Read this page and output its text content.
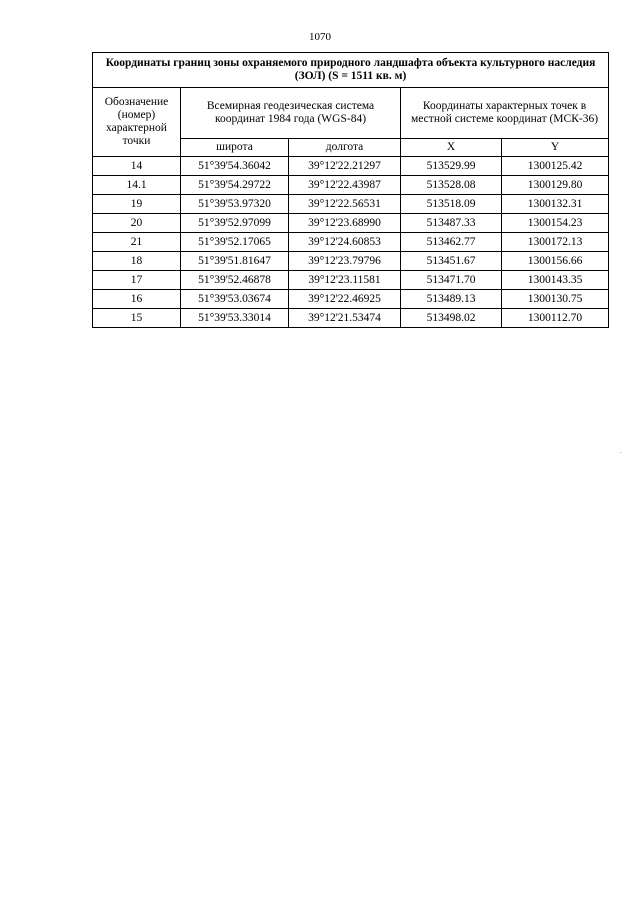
1070
Координаты границ зоны охраняемого природного ландшафта объекта культурного наследия (ЗОЛ) (S = 1511 кв. м)				
Обозначение (номер) характерной точки	Всемирная геодезическая система координат 1984 года (WGS-84)		Координаты характерных точек в местной системе координат (МСК-36)	
	широта	долгота	X	Y
14	51°39'54.36042	39°12'22.21297	513529.99	1300125.42
14.1	51°39'54.29722	39°12'22.43987	513528.08	1300129.80
19	51°39'53.97320	39°12'22.56531	513518.09	1300132.31
20	51°39'52.97099	39°12'23.68990	513487.33	1300154.23
21	51°39'52.17065	39°12'24.60853	513462.77	1300172.13
18	51°39'51.81647	39°12'23.79796	513451.67	1300156.66
17	51°39'52.46878	39°12'23.11581	513471.70	1300143.35
16	51°39'53.03674	39°12'22.46925	513489.13	1300130.75
15	51°39'53.33014	39°12'21.53474	513498.02	1300112.70
